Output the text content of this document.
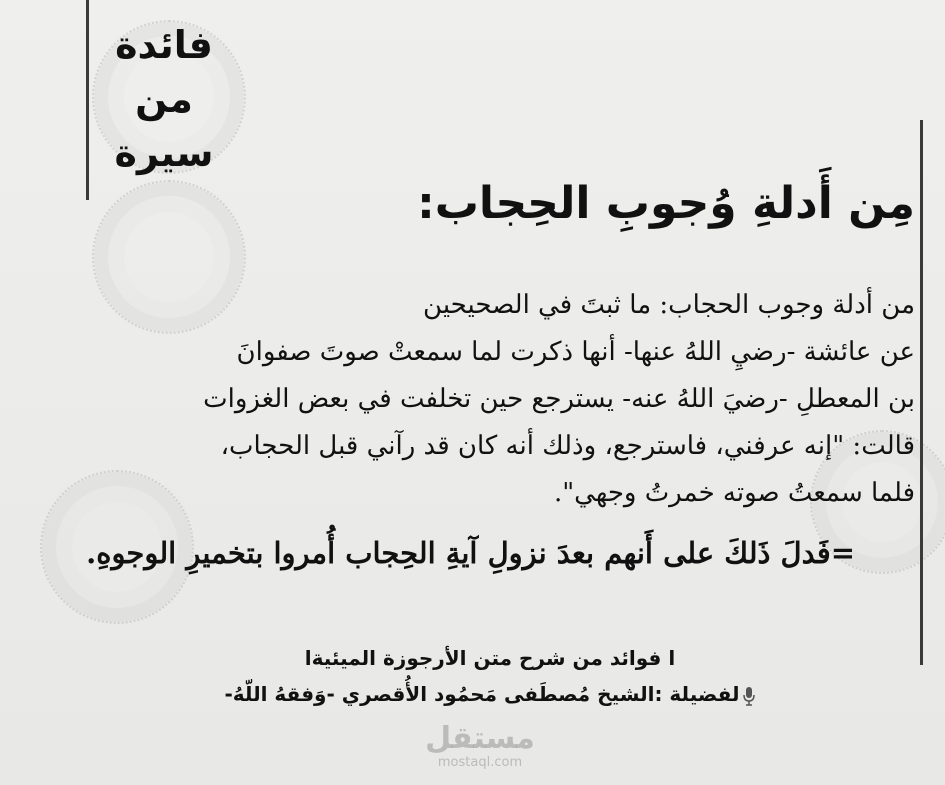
فائدة
من
سيرة
مِن أَدلةِ وُجوبِ الحِجاب:

من أدلة وجوب الحجاب: ما ثبتَ في الصحيحين

عن عائشة -رضيِ اللهُ عنها- أنها ذكرت لما سمعتْ صوتَ صفوانَ

بن المعطلِ -رضيَ اللهُ عنه- يسترجع حين تخلفت في بعض الغزوات

قالت: "إنه عرفني، فاسترجع، وذلك أنه كان قد رآني قبل الحجاب،

فلما سمعتُ صوته خمرتُ وجهي".

=فَدلَ ذَلكَ على أَنهم بعدَ نزولِ آيةِ الحِجاب أُمروا بتخميرِ الوجوهِ.
ا فوائد من شرح متن الأرجوزة الميئيةا
لفضيلة :الشيخ مُصطَفى مَحمُود الأُقصري -وَفقهُ اللّهُ-
مستقل
mostaql.com
